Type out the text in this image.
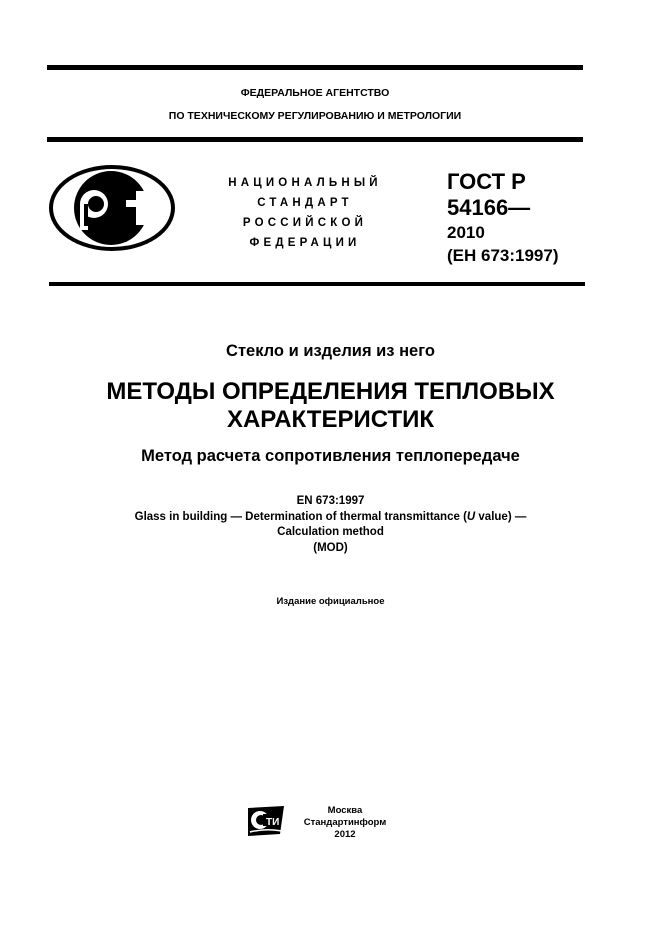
ФЕДЕРАЛЬНОЕ АГЕНТСТВО
ПО ТЕХНИЧЕСКОМУ РЕГУЛИРОВАНИЮ И МЕТРОЛОГИИ
НАЦИОНАЛЬНЫЙ
СТАНДАРТ
РОССИЙСКОЙ
ФЕДЕРАЦИИ
ГОСТ Р
54166—
2010
(ЕН 673:1997)
Стекло и изделия из него
МЕТОДЫ ОПРЕДЕЛЕНИЯ ТЕПЛОВЫХ
ХАРАКТЕРИСТИК
Метод расчета сопротивления теплопередаче
EN 673:1997
Glass in building — Determination of thermal transmittance (U value) —
Calculation method
(MOD)
Издание официальное
ТИ
Москва
Стандартинформ
2012
